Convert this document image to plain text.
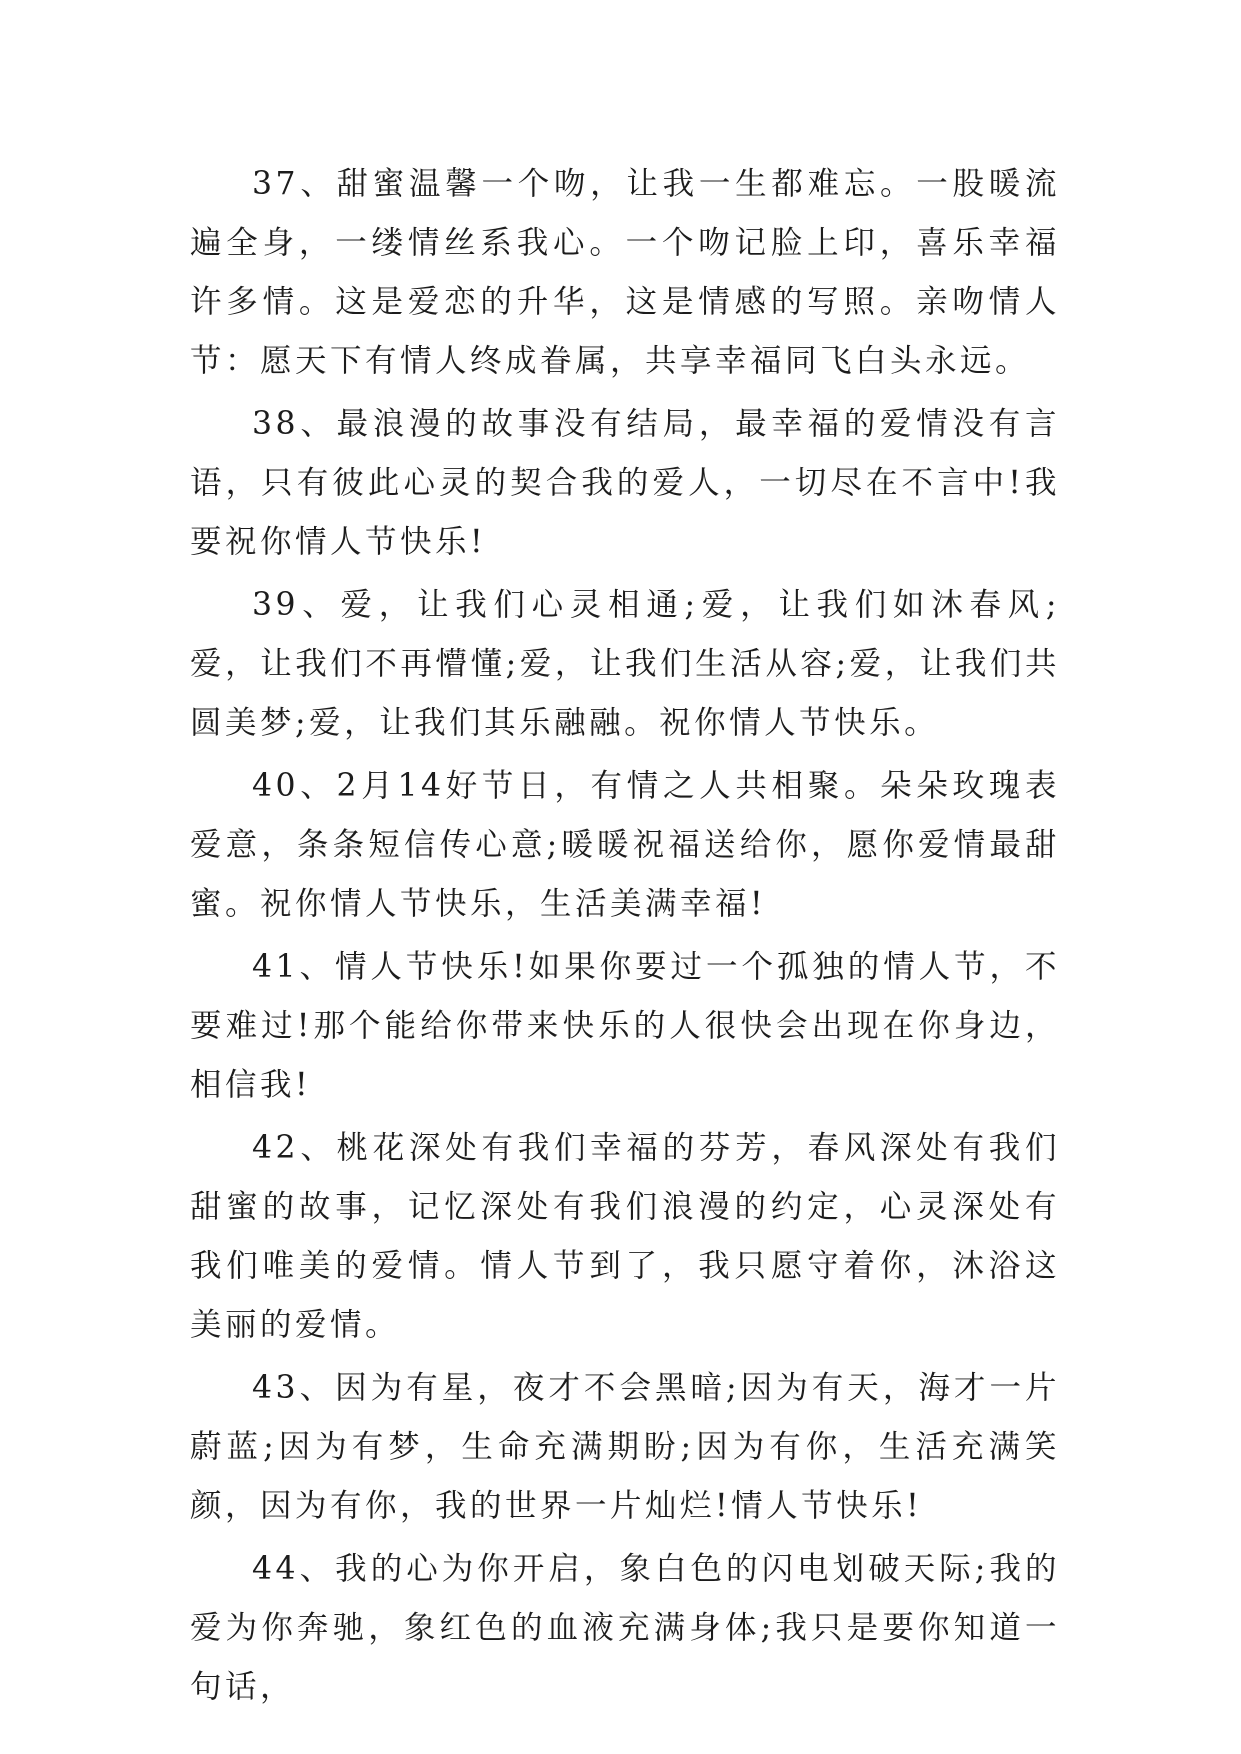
37、甜蜜温馨一个吻，让我一生都难忘。一股暖流遍全身，一缕情丝系我心。一个吻记脸上印，喜乐幸福许多情。这是爱恋的升华，这是情感的写照。亲吻情人节：愿天下有情人终成眷属，共享幸福同飞白头永远。

38、最浪漫的故事没有结局，最幸福的爱情没有言语，只有彼此心灵的契合我的爱人，一切尽在不言中!我要祝你情人节快乐!

39、爱，让我们心灵相通;爱，让我们如沐春风;爱，让我们不再懵懂;爱，让我们生活从容;爱，让我们共圆美梦;爱，让我们其乐融融。祝你情人节快乐。

40、2月14好节日，有情之人共相聚。朵朵玫瑰表爱意，条条短信传心意;暖暖祝福送给你，愿你爱情最甜蜜。祝你情人节快乐，生活美满幸福!

41、情人节快乐!如果你要过一个孤独的情人节，不要难过!那个能给你带来快乐的人很快会出现在你身边，相信我!

42、桃花深处有我们幸福的芬芳，春风深处有我们甜蜜的故事，记忆深处有我们浪漫的约定，心灵深处有我们唯美的爱情。情人节到了，我只愿守着你，沐浴这美丽的爱情。

43、因为有星，夜才不会黑暗;因为有天，海才一片蔚蓝;因为有梦，生命充满期盼;因为有你，生活充满笑颜，因为有你，我的世界一片灿烂!情人节快乐!

44、我的心为你开启，象白色的闪电划破天际;我的爱为你奔驰，象红色的血液充满身体;我只是要你知道一句话，
